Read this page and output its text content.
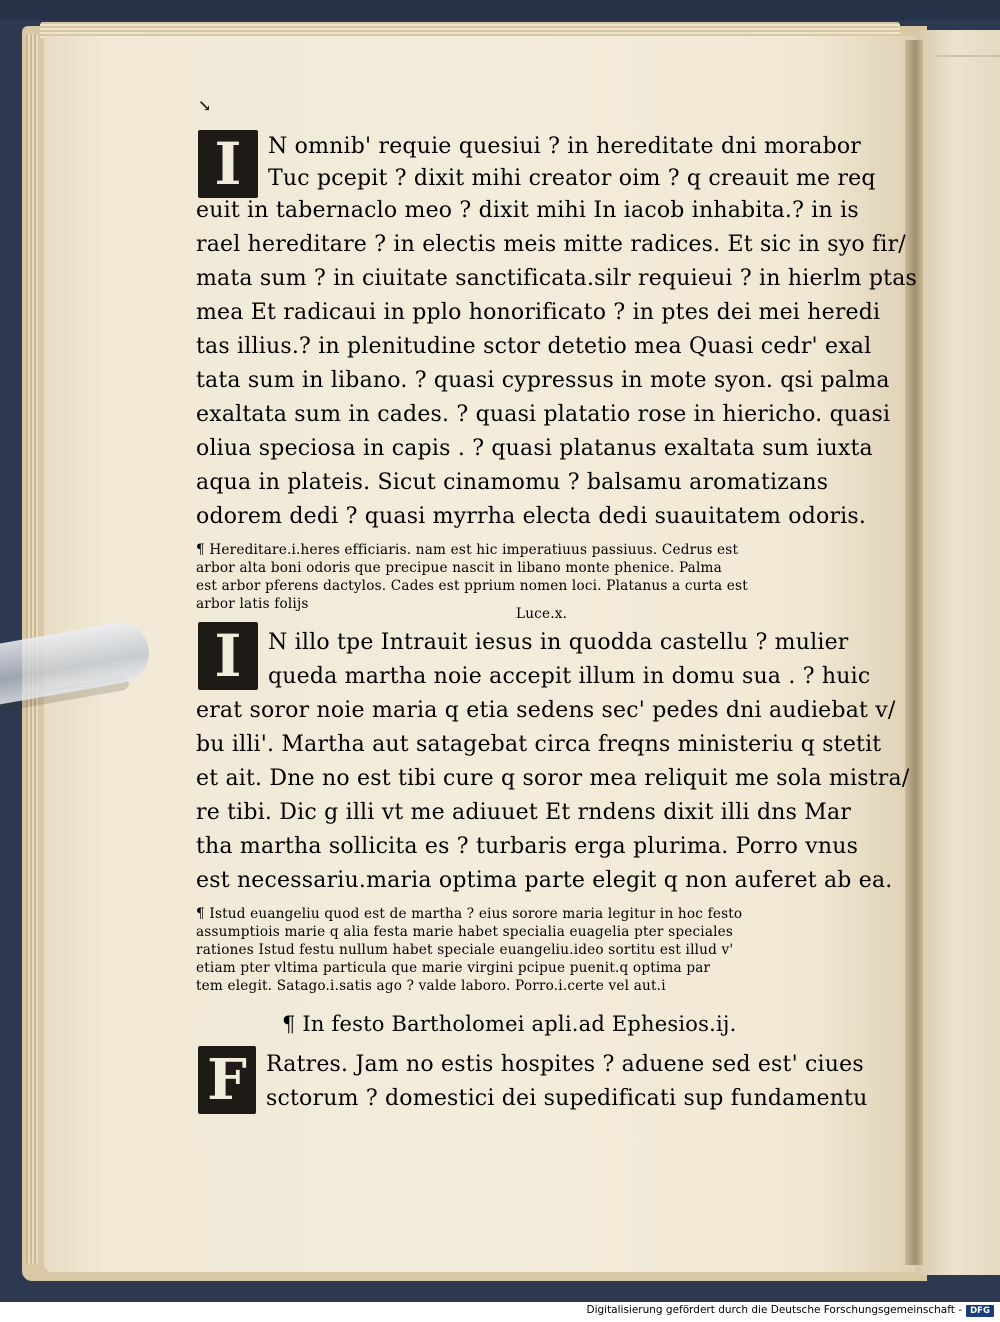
↘
I
I
F
N omnib' requie quesiui ? in hereditate dni morabor
Tuc pcepit ? dixit mihi creator oim ? q creauit me req
euit in tabernaclo meo ? dixit mihi In iacob inhabita.? in is
rael hereditare ? in electis meis mitte radices. Et sic in syo fir/
mata sum ? in ciuitate sanctificata.silr requieui ? in hierlm ptas
mea Et radicaui in pplo honorificato ? in ptes dei mei heredi
tas illius.? in plenitudine sctor detetio mea Quasi cedr' exal
tata sum in libano. ? quasi cypressus in mote syon. qsi palma
exaltata sum in cades. ? quasi platatio rose in hiericho. quasi
oliua speciosa in capis . ? quasi platanus exaltata sum iuxta
aqua in plateis. Sicut cinamomu ? balsamu aromatizans
odorem dedi ? quasi myrrha electa dedi suauitatem odoris.
¶ Hereditare.i.heres efficiaris. nam est hic imperatiuus passiuus. Cedrus est
arbor alta boni odoris que precipue nascit in libano monte phenice. Palma
est arbor pferens dactylos. Cades est pprium nomen loci. Platanus a curta est
arbor latis folijs
Luce.x.
N illo tpe Intrauit iesus in quodda castellu ? mulier
queda martha noie accepit illum in domu sua . ? huic
erat soror noie maria q etia sedens sec' pedes dni audiebat v/
bu illi'. Martha aut satagebat circa freqns ministeriu q stetit
et ait. Dne no est tibi cure q soror mea reliquit me sola mistra/
re tibi. Dic g illi vt me adiuuet Et rndens dixit illi dns Mar
tha martha sollicita es ? turbaris erga plurima. Porro vnus
est necessariu.maria optima parte elegit q non auferet ab ea.
¶ Istud euangeliu quod est de martha ? eius sorore maria legitur in hoc festo
assumptiois marie q alia festa marie habet specialia euagelia pter speciales
rationes Istud festu nullum habet speciale euangeliu.ideo sortitu est illud v'
etiam pter vltima particula que marie virgini pcipue puenit.q optima par
tem elegit. Satago.i.satis ago ? valde laboro. Porro.i.certe vel aut.i
¶ In festo Bartholomei apli.ad Ephesios.ij.
Ratres. Jam no estis hospites ? aduene sed est' ciues
sctorum ? domestici dei supedificati sup fundamentu
Digitalisierung gefördert durch die Deutsche Forschungsgemeinschaft - DFG
